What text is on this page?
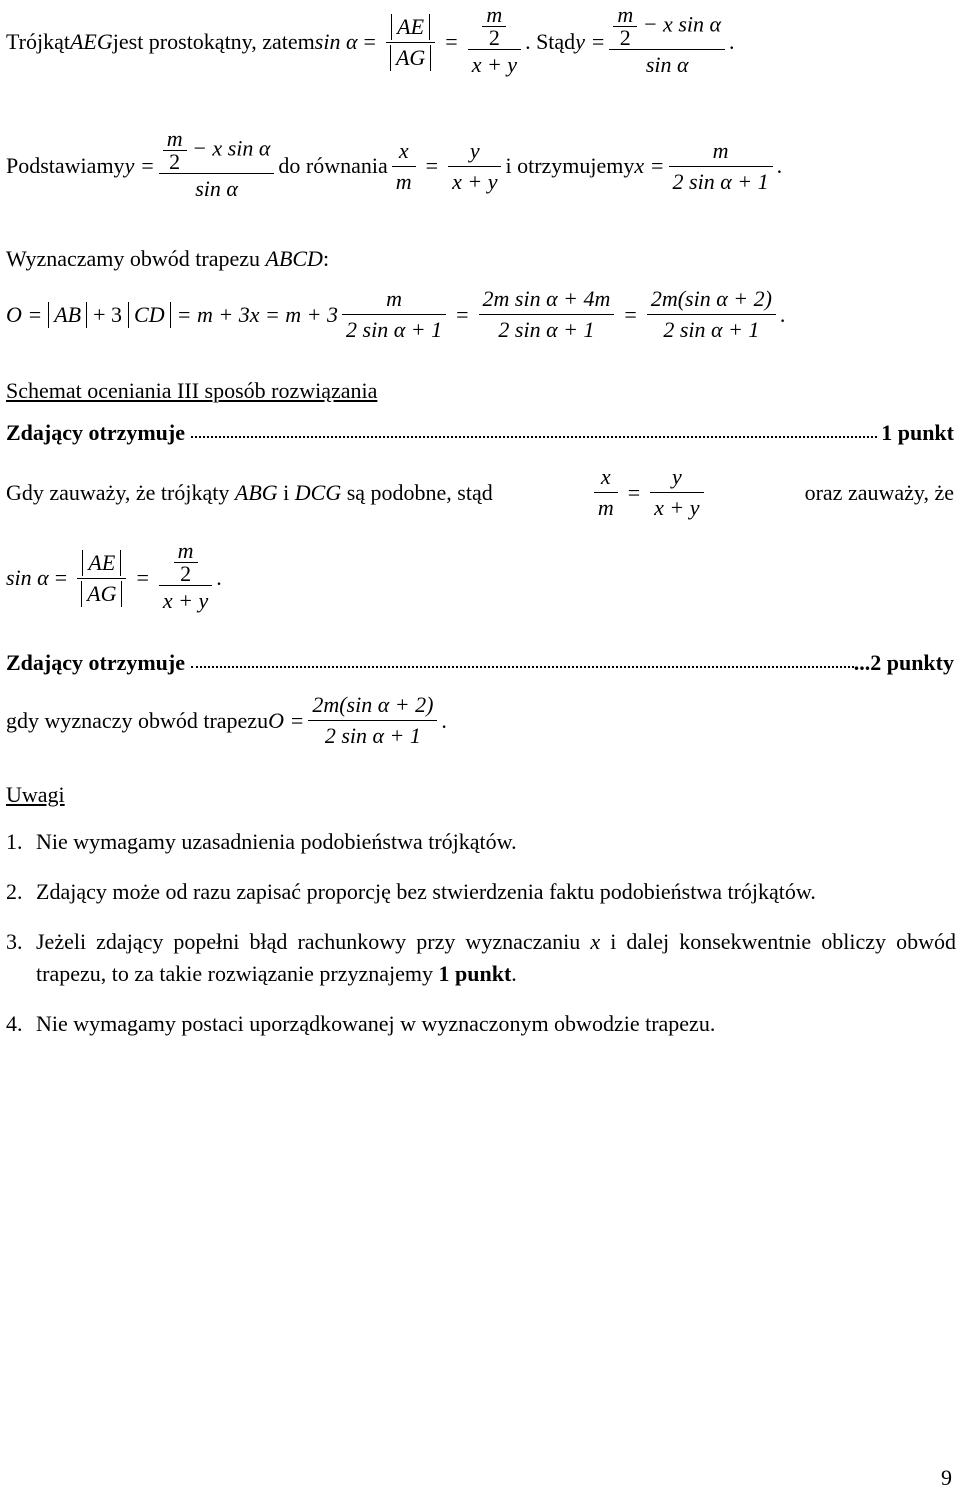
Trójkąt AEG jest prostokątny, zatem $\sin \alpha = \frac{AE}{AG} = \frac{\frac{m}{2}}{x + y}$ . Stąd $y = \frac{\frac{m}{2} - x \sin \alpha}{\text{sin α}}$ .
Podstawiamy $y = \frac{\frac{m}{2} - x \sin \alpha}{\text{sin α}}$ do równania $\frac{x}{m} = \frac{y}{x + y}$ i otrzymujemy $x = \frac{m}{\text{2 sin α + 1}}$ .
Wyznaczamy obwód trapezu ABCD:
O = AB + 3 CD = $m + 3x = m + 3 \frac{m}{\text{2 sin α + 1}} = \frac{\text{2m sin α + 4m}}{\text{2 sin α + 1}} = \frac{\text{2m(sin α + 2)}}{\text{2 sin α + 1}}$ .
Schemat oceniania III sposób rozwiązania
Zdający otrzymuje	1 punkt
Gdy zauważy, że trójkąty ABG i DCG są podobne, stąd	$\frac{x}{m} = \frac{y}{x + y}$	oraz zauważy, że
$\sin \alpha = \frac{AE}{AG} = \frac{\frac{m}{2}}{x + y}$ .
Zdający otrzymuje	...2 punkty
gdy wyznaczy obwód trapezu $O = \frac{\text{2m(sin α + 2)}}{\text{2 sin α + 1}}$ .
Uwagi
1. Nie wymagamy uzasadnienia podobieństwa trójkątów.
2. Zdający może od razu zapisać proporcję bez stwierdzenia faktu podobieństwa trójkątów.
3. Jeżeli zdający popełni błąd rachunkowy przy wyznaczaniu x i dalej konsekwentnie obliczy obwód trapezu, to za takie rozwiązanie przyznajemy 1 punkt.
4. Nie wymagamy postaci uporządkowanej w wyznaczonym obwodzie trapezu.
9
